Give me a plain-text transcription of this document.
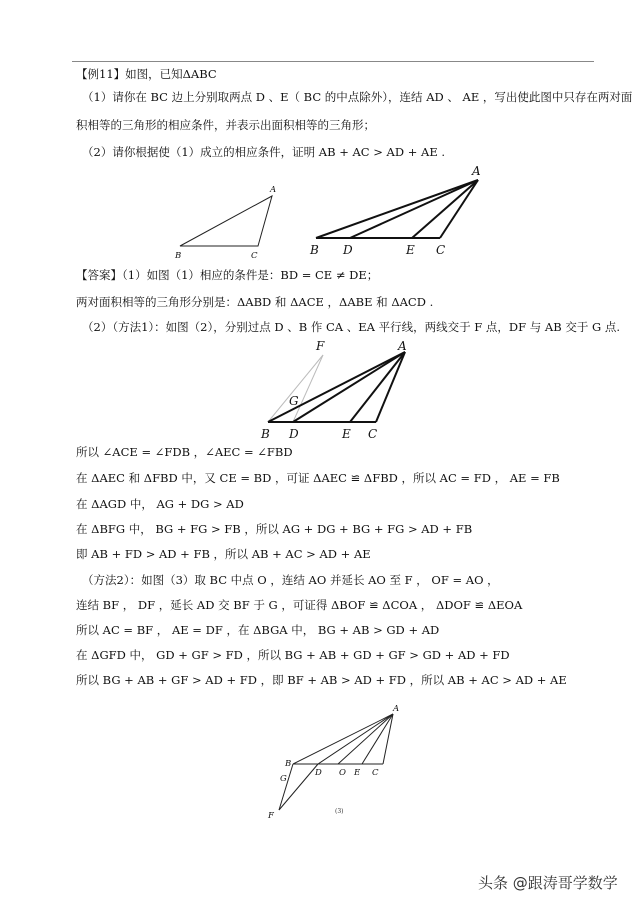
【例11】如图，已知ΔABC
（1）请你在 BC 边上分别取两点 D 、E（ BC 的中点除外），连结 AD 、 AE ，写出使此图中只存在两对面
积相等的三角形的相应条件，并表示出面积相等的三角形；
（2）请你根据使（1）成立的相应条件，证明 AB + AC > AD + AE .
【答案】（1）如图（1）相应的条件是：BD = CE ≠ DE；
两对面积相等的三角形分别是：ΔABD 和 ΔACE ，ΔABE 和 ΔACD .
（2）（方法1）：如图（2），分别过点 D 、B 作 CA 、EA 平行线，两线交于 F 点，DF 与 AB 交于 G 点.
所以 ∠ACE = ∠FDB ，∠AEC = ∠FBD
在 ΔAEC 和 ΔFBD 中，又 CE = BD ，可证 ΔAEC ≌ ΔFBD ，所以 AC = FD ， AE = FB
在 ΔAGD 中， AG + DG > AD
在 ΔBFG 中， BG + FG > FB ，所以 AG + DG + BG + FG > AD + FB
即 AB + FD > AD + FB ，所以 AB + AC > AD + AE
（方法2）：如图（3）取 BC 中点 O ，连结 AO 并延长 AO 至 F ， OF = AO ，
连结 BF ， DF ，延长 AD 交 BF 于 G ，可证得 ΔBOF ≌ ΔCOA ， ΔDOF ≌ ΔEOA
所以 AC = BF ， AE = DF ，在 ΔBGA 中， BG + AB > GD + AD
在 ΔGFD 中， GD + GF > FD ，所以 BG + AB + GD + GF > GD + AD + FD
所以 BG + AB + GF > AD + FD ，即 BF + AB > AD + FD ，所以 AB + AC > AD + AE
A
B	C
A
B D	E C
F	A
G
B D	E C
A
B
G
F
D O E C
(3)
头条 @跟涛哥学数学
